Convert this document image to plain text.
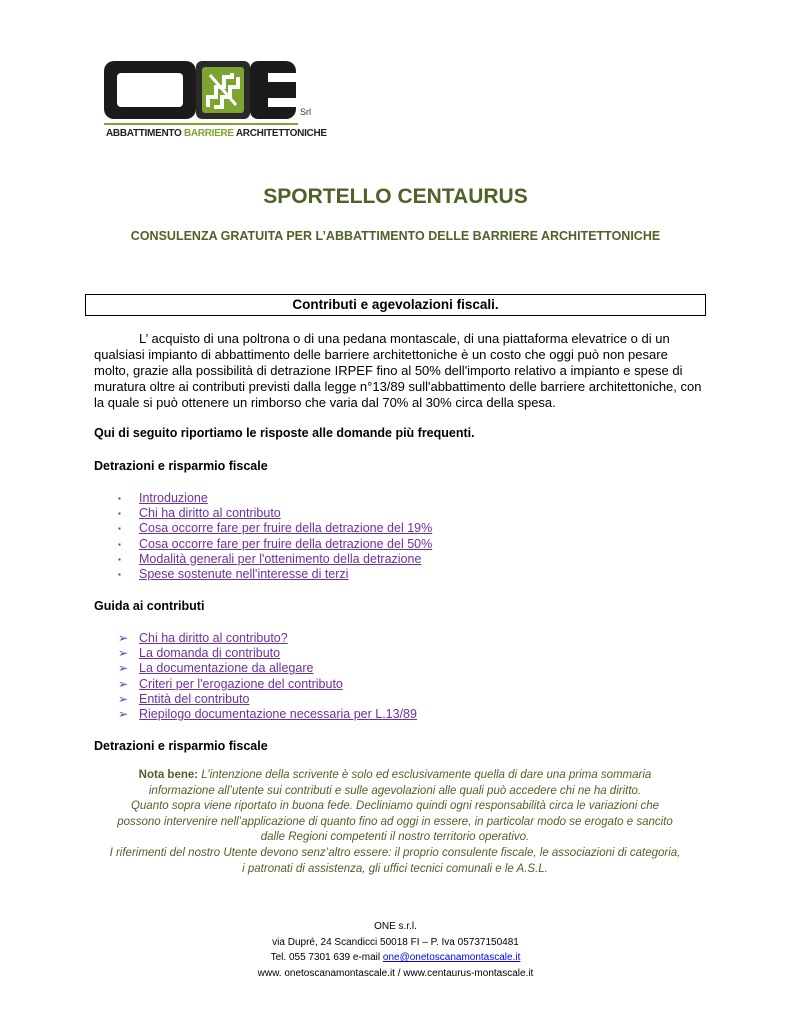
Srl
ABBATTIMENTO BARRIERE ARCHITETTONICHE
SPORTELLO CENTAURUS
CONSULENZA GRATUITA PER L’ABBATTIMENTO DELLE BARRIERE ARCHITETTONICHE
Contributi e agevolazioni fiscali.

L’ acquisto di una poltrona o di una pedana montascale, di una piattaforma elevatrice o di un qualsiasi impianto di abbattimento delle barriere architettoniche è un costo che oggi può non pesare molto, grazie alla possibilità di detrazione IRPEF fino al 50% dell'importo relativo a impianto e spese di muratura oltre ai contributi previsti dalla legge n°13/89 sull'abbattimento delle barriere architettoniche, con la quale si può ottenere un rimborso che varia dal 70% al 30% circa della spesa.

Qui di seguito riportiamo le risposte alle domande più frequenti.
Detrazioni e risparmio fiscale
▪ Introduzione
▪ Chi ha diritto al contributo
▪ Cosa occorre fare per fruire della detrazione del 19%
▪ Cosa occorre fare per fruire della detrazione del 50%
▪ Modalità generali per l'ottenimento della detrazione
▪ Spese sostenute nell'interesse di terzi
Guida ai contributi
➢ Chi ha diritto al contributo?
➢ La domanda di contributo
➢ La documentazione da allegare
➢ Criteri per l'erogazione del contributo
➢ Entità del contributo
➢ Riepilogo documentazione necessaria per L.13/89
Detrazioni e risparmio fiscale
Nota bene: L’intenzione della scrivente è solo ed esclusivamente quella di dare una prima sommaria
informazione all’utente sui contributi e sulle agevolazioni alle quali può accedere chi ne ha diritto.
Quanto sopra viene riportato in buona fede. Decliniamo quindi ogni responsabilità circa le variazioni che
possono intervenire nell’applicazione di quanto fino ad oggi in essere, in particolar modo se erogato e sancito
dalle Regioni competenti il nostro territorio operativo.
I riferimenti del nostro Utente devono senz’altro essere: il proprio consulente fiscale, le associazioni di categoria,
i patronati di assistenza, gli uffici tecnici comunali e le A.S.L.
ONE s.r.l.
via Dupré, 24 Scandicci 50018 FI – P. Iva 05737150481
Tel. 055 7301 639 e-mail one@onetoscanamontascale.it
www. onetoscanamontascale.it / www.centaurus-montascale.it
